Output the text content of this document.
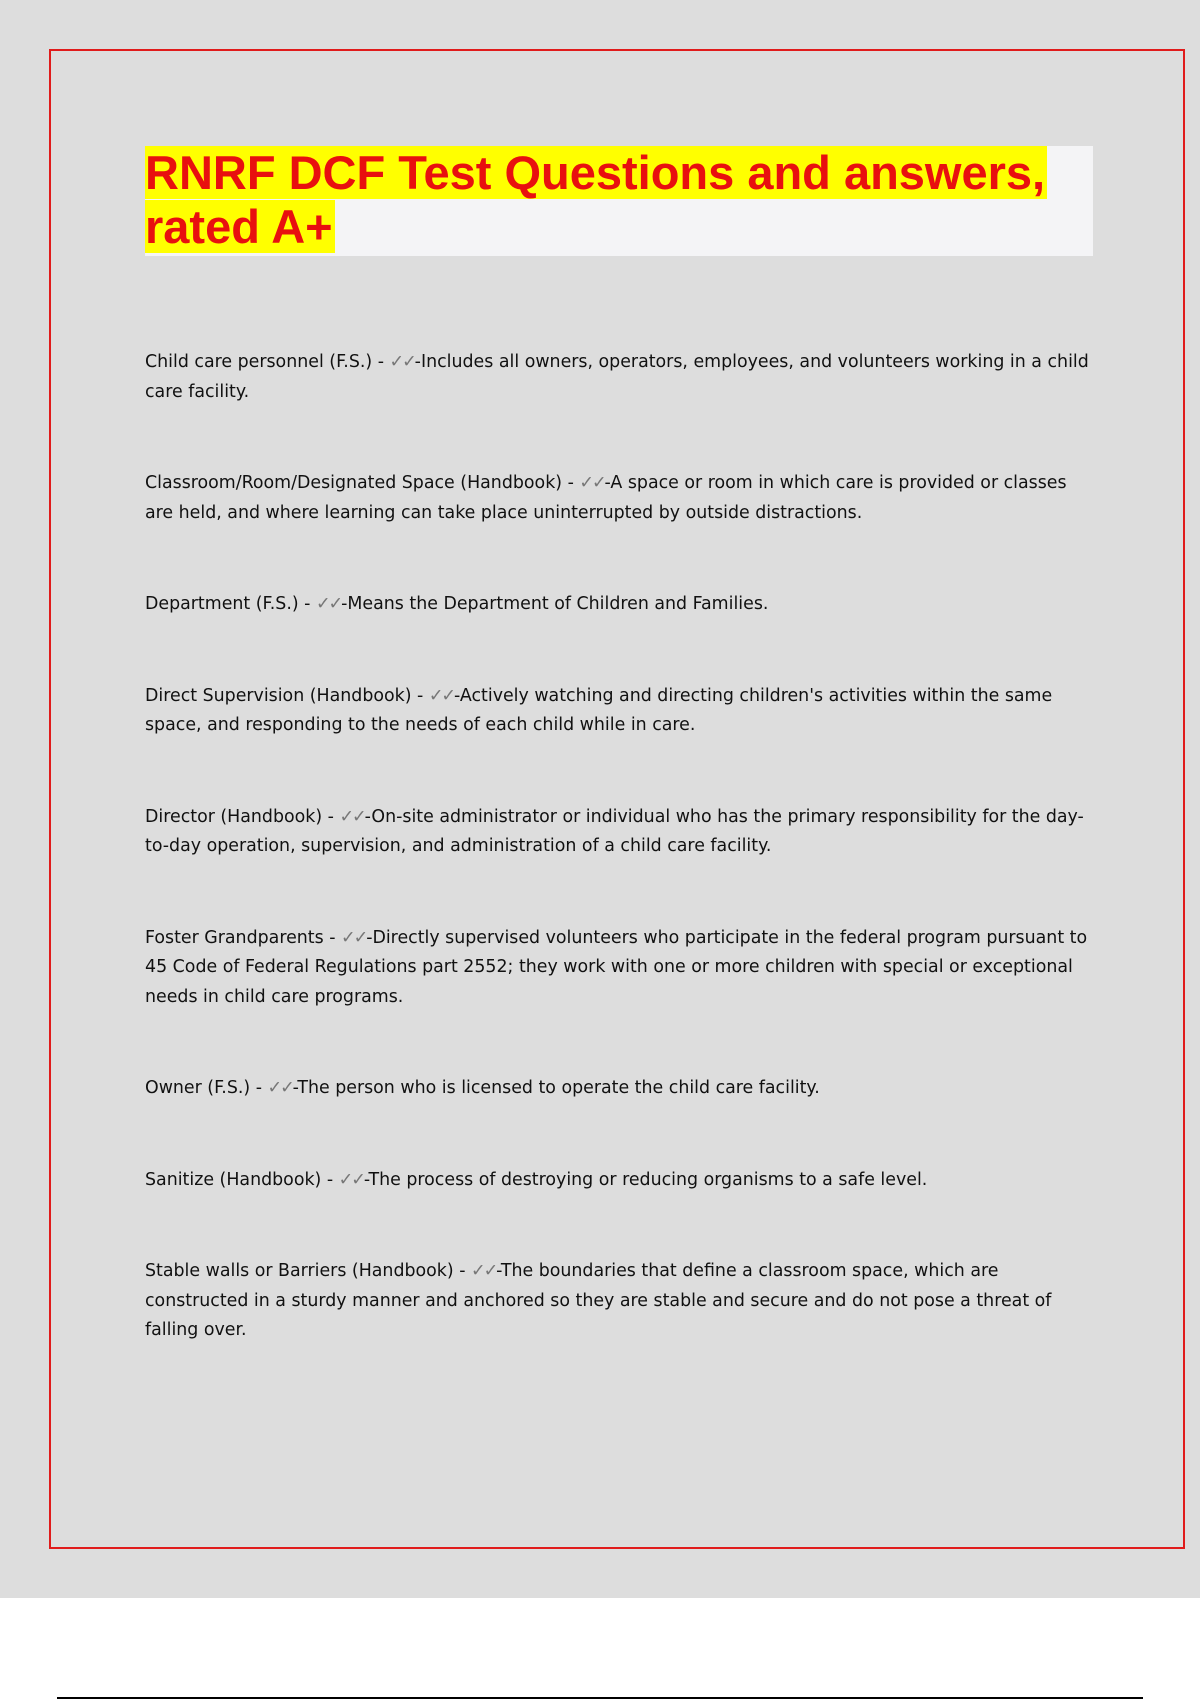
RNRF DCF Test Questions and answers, rated A+

Child care personnel (F.S.) - ✓✓-Includes all owners, operators, employees, and volunteers working in a child care facility.

Classroom/Room/Designated Space (Handbook) - ✓✓-A space or room in which care is provided or classes are held, and where learning can take place uninterrupted by outside distractions.

Department (F.S.) - ✓✓-Means the Department of Children and Families.

Direct Supervision (Handbook) - ✓✓-Actively watching and directing children's activities within the same space, and responding to the needs of each child while in care.

Director (Handbook) - ✓✓-On-site administrator or individual who has the primary responsibility for the day-to-day operation, supervision, and administration of a child care facility.

Foster Grandparents - ✓✓-Directly supervised volunteers who participate in the federal program pursuant to 45 Code of Federal Regulations part 2552; they work with one or more children with special or exceptional needs in child care programs.

Owner (F.S.) - ✓✓-The person who is licensed to operate the child care facility.

Sanitize (Handbook) - ✓✓-The process of destroying or reducing organisms to a safe level.

Stable walls or Barriers (Handbook) - ✓✓-The boundaries that define a classroom space, which are constructed in a sturdy manner and anchored so they are stable and secure and do not pose a threat of falling over.
